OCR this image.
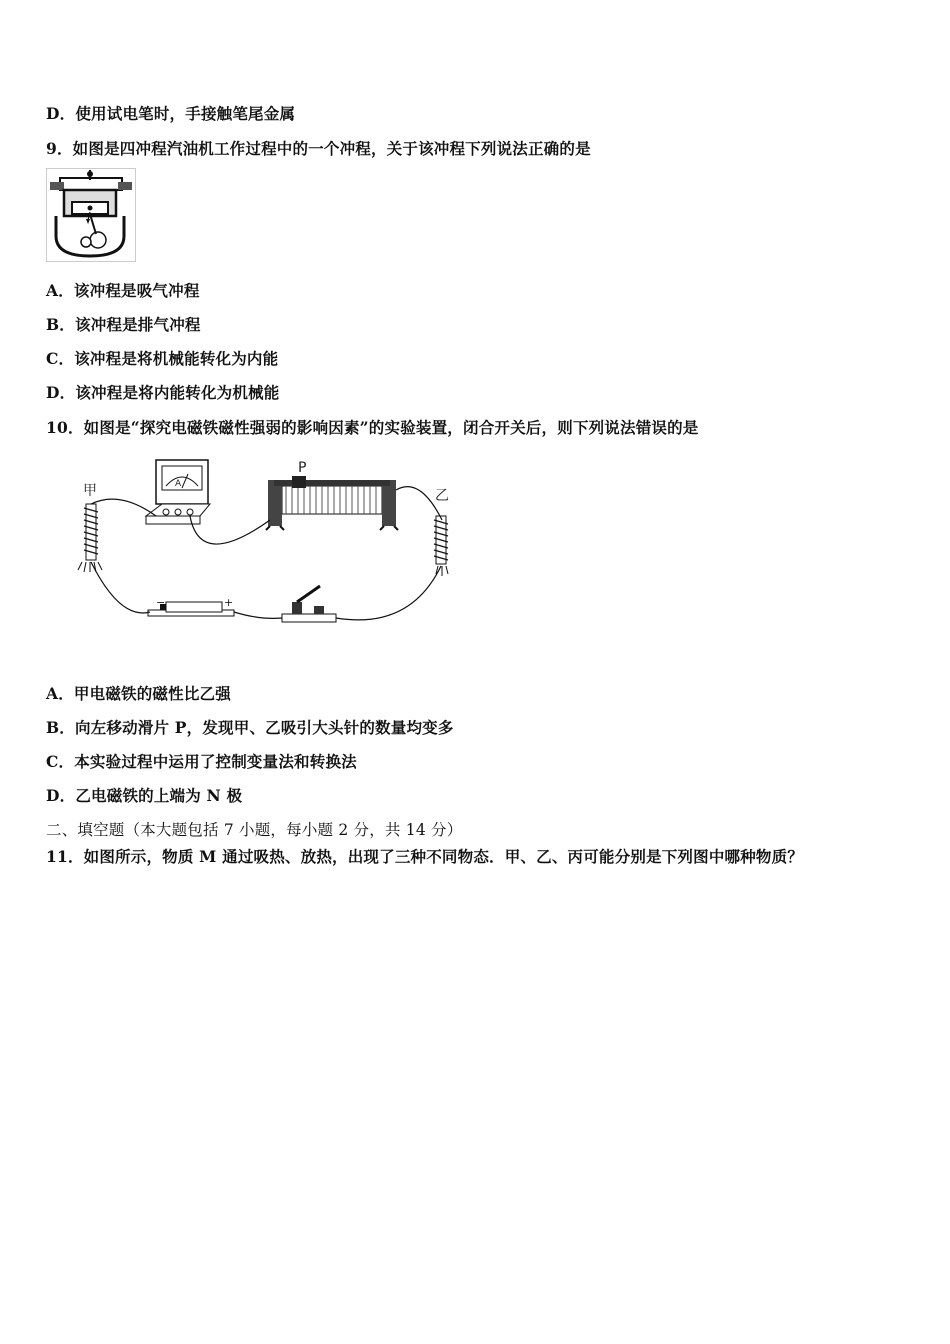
D．使用试电笔时，手接触笔尾金属
9．如图是四冲程汽油机工作过程中的一个冲程，关于该冲程下列说法正确的是
A．该冲程是吸气冲程
B．该冲程是排气冲程
C．该冲程是将机械能转化为内能
D．该冲程是将内能转化为机械能
10．如图是“探究电磁铁磁性强弱的影响因素”的实验装置，闭合开关后，则下列说法错误的是
甲	乙
P
A
−	+
A．甲电磁铁的磁性比乙强
B．向左移动滑片 P，发现甲、乙吸引大头针的数量均变多
C．本实验过程中运用了控制变量法和转换法
D．乙电磁铁的上端为 N 极
二、填空题（本大题包括 7 小题，每小题 2 分，共 14 分）
11．如图所示，物质 M 通过吸热、放热，出现了三种不同物态．甲、乙、丙可能分别是下列图中哪种物质？
